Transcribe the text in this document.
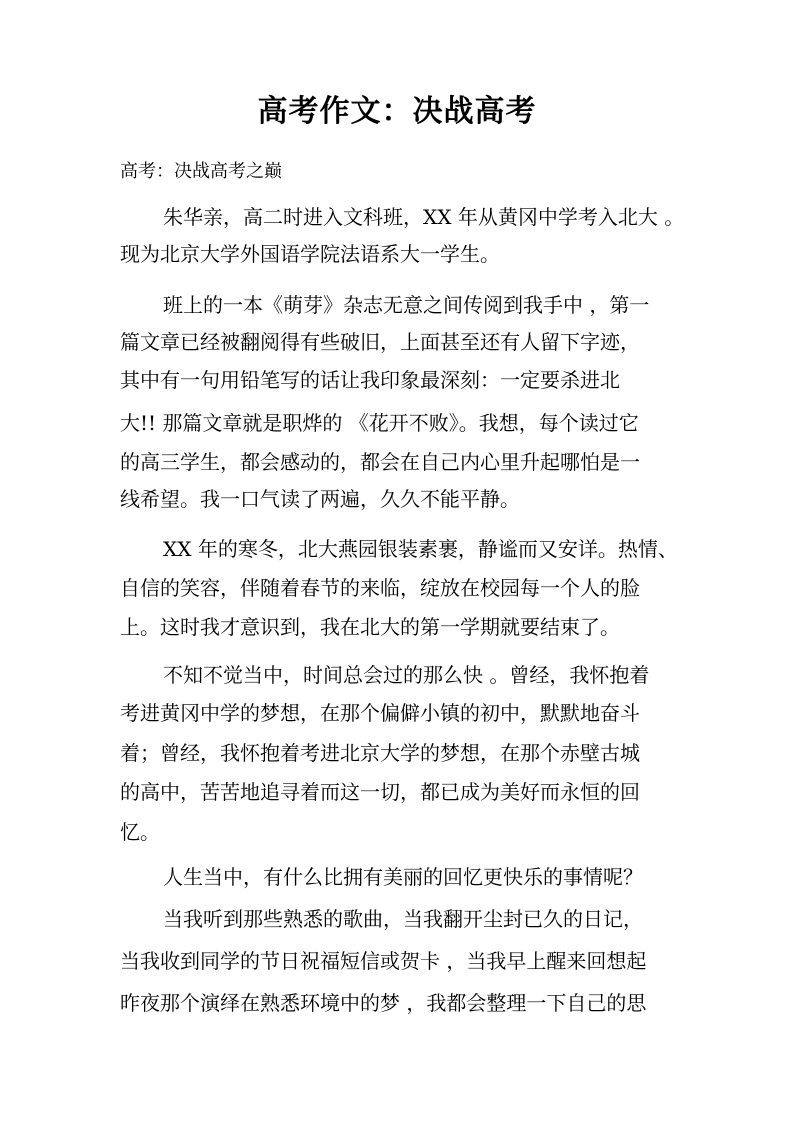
高考作文：决战高考
高考：决战高考之巅
朱华亲，高二时进入文科班，XX 年从黄冈中学考入北大 。
现为北京大学外国语学院法语系大一学生。
班上的一本《萌芽》杂志无意之间传阅到我手中 ，第一
篇文章已经被翻阅得有些破旧，上面甚至还有人留下字迹，
其中有一句用铅笔写的话让我印象最深刻：一定要杀进北
大!! 那篇文章就是职烨的 《花开不败》。我想，每个读过它
的高三学生，都会感动的，都会在自己内心里升起哪怕是一
线希望。我一口气读了两遍，久久不能平静。
XX 年的寒冬，北大燕园银装素裹，静谧而又安详。热情、
自信的笑容，伴随着春节的来临，绽放在校园每一个人的脸
上。这时我才意识到，我在北大的第一学期就要结束了。
不知不觉当中，时间总会过的那么快 。曾经，我怀抱着
考进黄冈中学的梦想，在那个偏僻小镇的初中，默默地奋斗
着；曾经，我怀抱着考进北京大学的梦想，在那个赤壁古城
的高中，苦苦地追寻着而这一切，都已成为美好而永恒的回
忆。
人生当中，有什么比拥有美丽的回忆更快乐的事情呢？
当我听到那些熟悉的歌曲，当我翻开尘封已久的日记，
当我收到同学的节日祝福短信或贺卡 ，当我早上醒来回想起
昨夜那个演绎在熟悉环境中的梦 ，我都会整理一下自己的思
